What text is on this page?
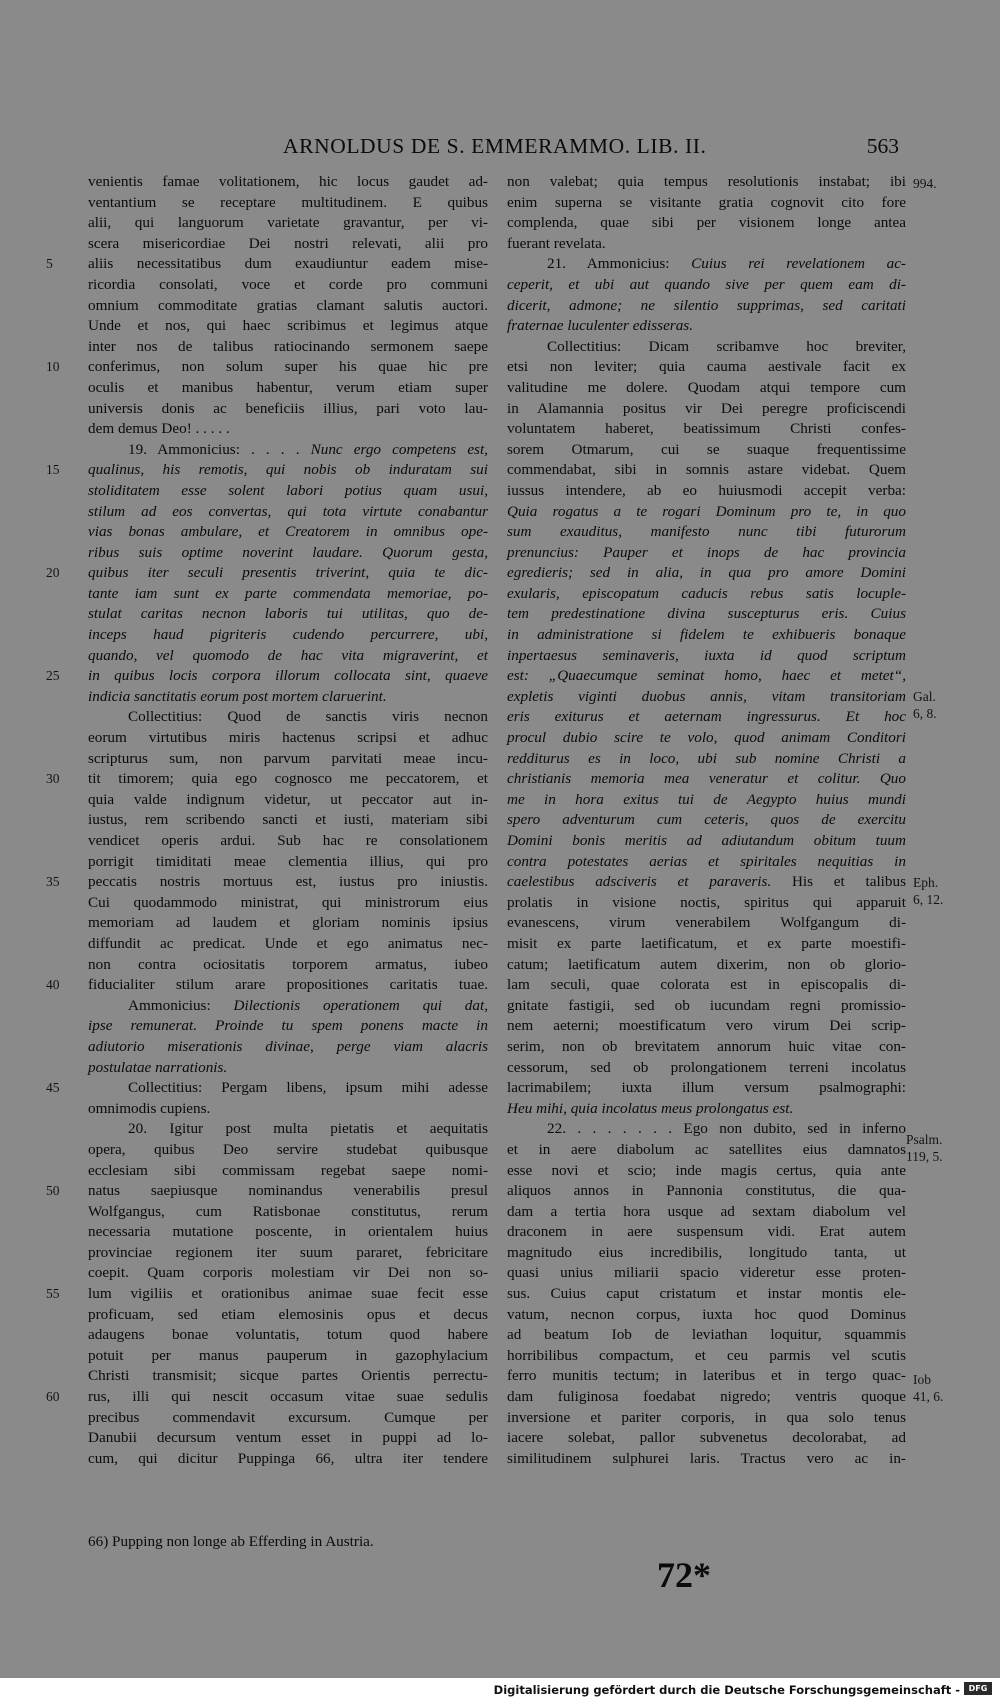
ARNOLDUS DE S. EMMERAMMO. LIB. II.	563
venientis famae volitationem, hic locus gaudet ad-
ventantium se receptare multitudinem. E quibus
alii, qui languorum varietate gravantur, per vi-
scera misericordiae Dei nostri relevati, alii pro
aliis necessitatibus dum exaudiuntur eadem mise-
ricordia consolati, voce et corde pro communi
omnium commoditate gratias clamant salutis auctori.
Unde et nos, qui haec scribimus et legimus atque
inter nos de talibus ratiocinando sermonem saepe
conferimus, non solum super his quae hic pre
oculis et manibus habentur, verum etiam super
universis donis ac beneficiis illius, pari voto lau-
dem demus Deo! . . . . .
19. Ammonicius: . . . . Nunc ergo competens est,
qualinus, his remotis, qui nobis ob induratam sui
stoliditatem esse solent labori potius quam usui,
stilum ad eos convertas, qui tota virtute conabantur
vias bonas ambulare, et Creatorem in omnibus ope-
ribus suis optime noverint laudare. Quorum gesta,
quibus iter seculi presentis triverint, quia te dic-
tante iam sunt ex parte commendata memoriae, po-
stulat caritas necnon laboris tui utilitas, quo de-
inceps haud pigriteris cudendo percurrere, ubi,
quando, vel quomodo de hac vita migraverint, et
in quibus locis corpora illorum collocata sint, quaeve
indicia sanctitatis eorum post mortem claruerint.
Collectitius: Quod de sanctis viris necnon
eorum virtutibus miris hactenus scripsi et adhuc
scripturus sum, non parvum parvitati meae incu-
tit timorem; quia ego cognosco me peccatorem, et
quia valde indignum videtur, ut peccator aut in-
iustus, rem scribendo sancti et iusti, materiam sibi
vendicet operis ardui. Sub hac re consolationem
porrigit timiditati meae clementia illius, qui pro
peccatis nostris mortuus est, iustus pro iniustis.
Cui quodammodo ministrat, qui ministrorum eius
memoriam ad laudem et gloriam nominis ipsius
diffundit ac predicat. Unde et ego animatus nec-
non contra ociositatis torporem armatus, iubeo
fiducialiter stilum arare propositiones caritatis tuae.
Ammonicius: Dilectionis operationem qui dat,
ipse remunerat. Proinde tu spem ponens macte in
adiutorio miserationis divinae, perge viam alacris
postulatae narrationis.
Collectitius: Pergam libens, ipsum mihi adesse
omnimodis cupiens.
20. Igitur post multa pietatis et aequitatis
opera, quibus Deo servire studebat quibusque
ecclesiam sibi commissam regebat saepe nomi-
natus saepiusque nominandus venerabilis presul
Wolfgangus, cum Ratisbonae constitutus, rerum
necessaria mutatione poscente, in orientalem huius
provinciae regionem iter suum pararet, febricitare
coepit. Quam corporis molestiam vir Dei non so-
lum vigiliis et orationibus animae suae fecit esse
proficuam, sed etiam elemosinis opus et decus
adaugens bonae voluntatis, totum quod habere
potuit per manus pauperum in gazophylacium
Christi transmisit; sicque partes Orientis perrectu-
rus, illi qui nescit occasum vitae suae sedulis
precibus commendavit excursum. Cumque per
Danubii decursum ventum esset in puppi ad lo-
cum, qui dicitur Puppinga 66, ultra iter tendere
non valebat; quia tempus resolutionis instabat; ibi
enim superna se visitante gratia cognovit cito fore
complenda, quae sibi per visionem longe antea
fuerant revelata.
21. Ammonicius: Cuius rei revelationem ac-
ceperit, et ubi aut quando sive per quem eam di-
dicerit, admone; ne silentio supprimas, sed caritati
fraternae luculenter edisseras.
Collectitius: Dicam scribamve hoc breviter,
etsi non leviter; quia cauma aestivale facit ex
valitudine me dolere. Quodam atqui tempore cum
in Alamannia positus vir Dei peregre proficiscendi
voluntatem haberet, beatissimum Christi confes-
sorem Otmarum, cui se suaque frequentissime
commendabat, sibi in somnis astare videbat. Quem
iussus intendere, ab eo huiusmodi accepit verba:
Quia rogatus a te rogari Dominum pro te, in quo
sum exauditus, manifesto nunc tibi futurorum
prenuncius: Pauper et inops de hac provincia
egredieris; sed in alia, in qua pro amore Domini
exularis, episcopatum caducis rebus satis locuple-
tem predestinatione divina suscepturus eris. Cuius
in administratione si fidelem te exhibueris bonaque
inpertaesus seminaveris, iuxta id quod scriptum
est: „Quaecumque seminat homo, haec et metet“,
expletis viginti duobus annis, vitam transitoriam
eris exiturus et aeternam ingressurus. Et hoc
procul dubio scire te volo, quod animam Conditori
redditurus es in loco, ubi sub nomine Christi a
christianis memoria mea veneratur et colitur. Quo
me in hora exitus tui de Aegypto huius mundi
spero adventurum cum ceteris, quos de exercitu
Domini bonis meritis ad adiutandum obitum tuum
contra potestates aerias et spiritales nequitias in
caelestibus adsciveris et paraveris. His et talibus
prolatis in visione noctis, spiritus qui apparuit
evanescens, virum venerabilem Wolfgangum di-
misit ex parte laetificatum, et ex parte moestifi-
catum; laetificatum autem dixerim, non ob glorio-
lam seculi, quae colorata est in episcopalis di-
gnitate fastigii, sed ob iucundam regni promissio-
nem aeterni; moestificatum vero virum Dei scrip-
serim, non ob brevitatem annorum huic vitae con-
cessorum, sed ob prolongationem terreni incolatus
lacrimabilem; iuxta illum versum psalmographi:
Heu mihi, quia incolatus meus prolongatus est.
22. . . . . . . . Ego non dubito, sed in inferno
et in aere diabolum ac satellites eius damnatos
esse novi et scio; inde magis certus, quia ante
aliquos annos in Pannonia constitutus, die qua-
dam a tertia hora usque ad sextam diabolum vel
draconem in aere suspensum vidi. Erat autem
magnitudo eius incredibilis, longitudo tanta, ut
quasi unius miliarii spacio videretur esse proten-
sus. Cuius caput cristatum et instar montis ele-
vatum, necnon corpus, iuxta hoc quod Dominus
ad beatum Iob de leviathan loquitur, squammis
horribilibus compactum, et ceu parmis vel scutis
ferro munitis tectum; in lateribus et in tergo quac-
dam fuliginosa foedabat nigredo; ventris quoque
inversione et pariter corporis, in qua solo tenus
iacere solebat, pallor subvenetus decolorabat, ad
similitudinem sulphurei laris. Tractus vero ac in-
5
10
15
20
25
30
35
40
45
50
55
60
994.
Gal.
6, 8.
Eph.
6, 12.
Psalm.
119, 5.
Iob
41, 6.
66) Pupping non longe ab Efferding in Austria.
72*
Digitalisierung gefördert durch die Deutsche Forschungsgemeinschaft -	DFG
